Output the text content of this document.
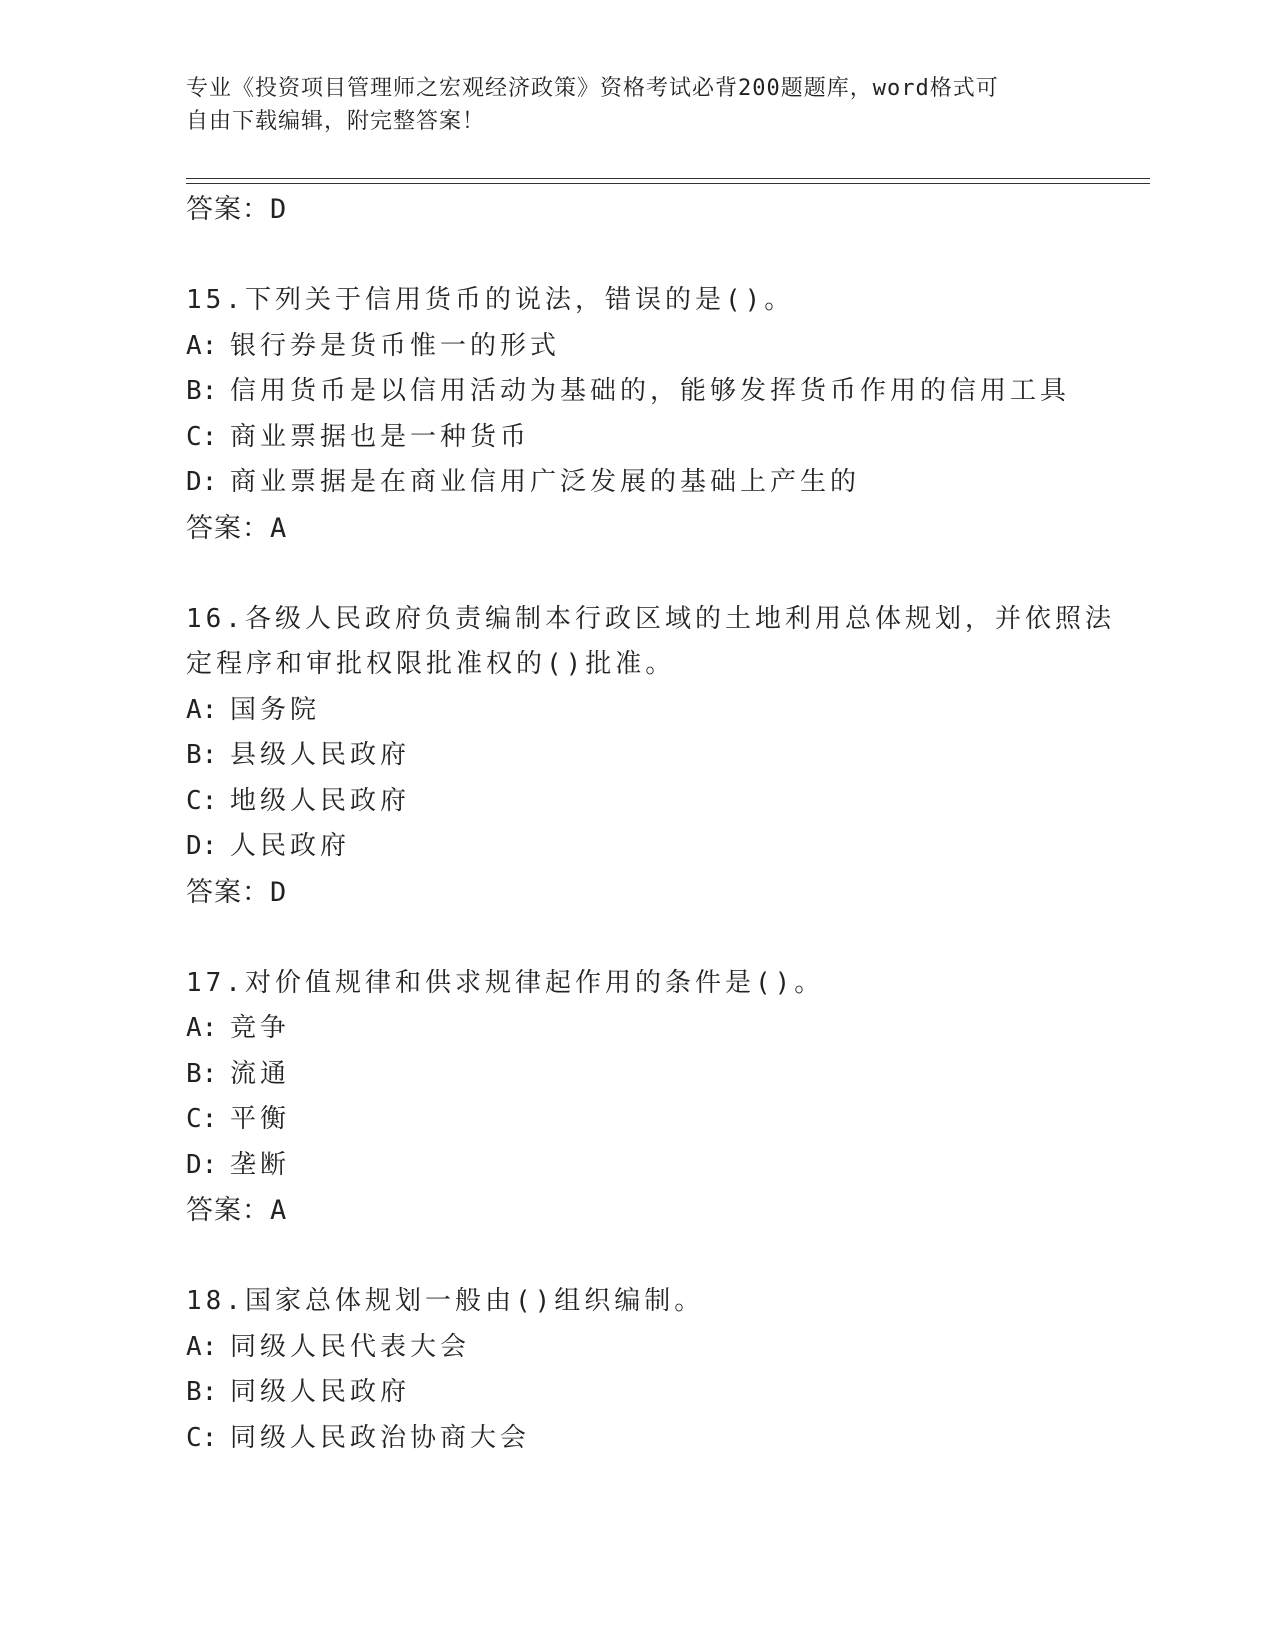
专业《投资项目管理师之宏观经济政策》资格考试必背200题题库，word格式可
自由下载编辑，附完整答案！
答案：D
15.下列关于信用货币的说法，错误的是()。
A: 银行券是货币惟一的形式
B: 信用货币是以信用活动为基础的，能够发挥货币作用的信用工具
C: 商业票据也是一种货币
D: 商业票据是在商业信用广泛发展的基础上产生的
答案：A
16.各级人民政府负责编制本行政区域的土地利用总体规划，并依照法
定程序和审批权限批准权的()批准。
A: 国务院
B: 县级人民政府
C: 地级人民政府
D: 人民政府
答案：D
17.对价值规律和供求规律起作用的条件是()。
A: 竞争
B: 流通
C: 平衡
D: 垄断
答案：A
18.国家总体规划一般由()组织编制。
A: 同级人民代表大会
B: 同级人民政府
C: 同级人民政治协商大会
